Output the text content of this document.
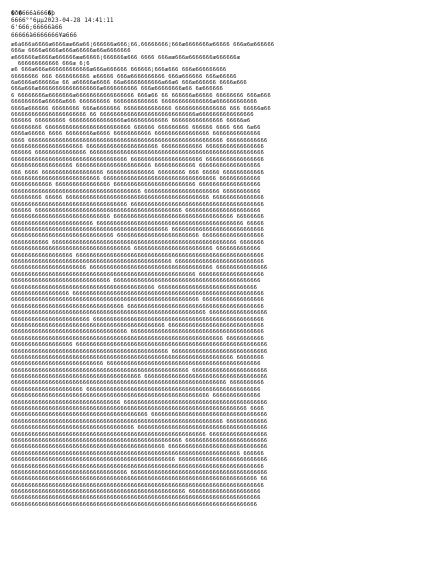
�ð�666à666�þ
6666°°6µµ2023-04-28 14:41:11
6'666;66666à66
66666à6666666¥æ666
æ6à666à6666æ6666ææ66æ66¦666666æ666¦66,66666666¦666æ6666666æ66666 666æ6æ666666
666æ 6666æ6666æ666æ66666æ66æ6666666
æ666666æ6666æ666666ææ66666¦666666æ666 6666 666ææ666æ6666666æ666666æ
666666666666 666æ 6¦6
æ6 666æ666æ666666666666æ666æ666666 666666¦666æ666 666æ666666666
66666666 666 6666666666 æ66666 666æ6666666666 666æ666666 666æ66666
6æ6666æ666666æ 66 æ66666æ6666 66æ66666666666æ66æ6 666æ666666 6666æ666
666æ666æ666666666666666666æ6666666666 666æ66666666æ66 6æ666666
6 66666666æ6666666æ66666666666666666 666æ66 66 666666æ66666 66666666 666æ666
666666666æ66666æ666 666666666 6666666666666 666666666666666æ666666666666
6666æ666666 66666666 666æ6666666 66666666666666 666666666666666 666 66666æ66
6666666666666666666666 66 6666666666666666666666666666æ6666666666666666
666666 666666666 6666666666666666æ666666666666 666666666666666 66666æ6
666666666 6666666666666666666666666 666666 666666666 666666 6666 666 6æ66
6666æ66666 6666 66666666æ6666 66666666666 6666666666666666 66666666666666
6666 666666666666666666666666666666666666666666666666666666666 666666666666
666666666666666666666 666666666666666666666 666666666666 66666666666666666
666666 666666666666666 666666666666666666666666666666666666666666666666666
6666666666666666666666666666666666 666666666666666666666 66666666666666666
666666666666666666 6666666666666666666666 666666666666 666666666666666666
666 6666 666666666666666666 66666666666666 66666666 666 66666 666666666666
66666666666666666666666666 666666666666666666666666666666666 666666666666
666666666666 6666666666666666 666666666666666666666666 666666666666666666
66666666666666666666666666666666666666 6666666666666666666666 66666666666
666666666 66666 666666666666666666666666666666666666666666 666666666666666
6666666666666666666666666666666666 666666666666666666666666666666666666666
666666 6666666666666666666666666666666666666666666 6666666666666666666666
66666666666666666666666666666 66666666666666666666666666666666666 66666666
666666666666666666666666 6666666666666666666666666666666666666666666 66666
6666666666666666666666666666666666666666666666 666666666666666666666666666
666666666666666666666666666666 666666666666666666666666 666666666666666666
66666666666 666666666666666666666666666666666666666666666666666666 6666666
66666666666666666666666666666666666 66666666666666666666666 6666666666666
666666666666666666 6666666666666666666666666666666666666666666666666666666
66666666666666666666666666666666666666666666666 66666666666666666666666666
6666666666666666666666 666666666666666666666666666666666666 666666666666666
666666666666666666666666666666666666666666666666666666 6666666666666666666
66666666666666666666666666666 6666666666666666666666666666666666666666666
666666666666666666666666666666666666666666 66666666666666666666666666666
66666666666666666 66666666666666666666666666666666666666666666666666666666
6666666666666666666666666666666666666666666666666666666 666666666666666666
666666666666666666666666666666666 6666666666666666666666666666666666666666
666666666666666666666666666666666666666666666666666666666 66666666666666666
66666666666666666666666 66666666666666666666666666666666666666666666666666
666666666666666666666666666666666666666666666 6666666666666666666666666666
6666666666666666666666666666666666 666666666666666666666666666666666666666
66666666666666666666666666666666666666666666666666666666666666 66666666666
666666666666666666 66666666666666666666666666666666666666666666666666666666
6666666666666666666666666666666666666666666666 6666666666666666666666666666
66666666666666666666666666666666666666666666666666666666666666666 66666666
666666666666666666666666666 666666666666666666666666666666666666666666666
6666666666666666666666666666666666666666666666666666 6666666666666666666666
66666666666666666666666666666666666666 666666666666666666666666666666666666
666666666666666666666666666666666666666666666666666666666666666 6666666666
666666666666666666666 666666666666666666666666666666666666666666666666666
6666666666666666666666666666666666666666666666666666666666 66666666666666
66666666666666666666666666666666 666666666666666666666666666666666666666666
666666666666666666666666666666666666666666666666666666666666666666666 6666
6666666666666666666666666666666666666666 6666666666666666666666666666666666
66666666666666666666666666666666666666666666666666666666666666 666666666666
666666666666666666666666666666666666 66666666666666666666666666666666666666
666666666666666666666666666666666666666666666666666666666 66666666666666666
66666666666666666666666666666666666666666666666666 666666666666666666666666
666666666666666666666666666666666666666666666 66666666666666666666666666666
6666666666666666666666666666666666666666666666666666666666666666666 666666
666666666666666666666666666666666666666666666666 66666666666666666666666666
66666666666666666666666666666666666666666666666666666666666666666666666666
6666666666666666666666666666666666 6666666666666666666666666666666666666666
666666666666666666666666666666666666666666666666666666666666666666666666 66
66666666666666666666666666666666666666666666666666666666666666666666666666
666666666666666666666666666666666666666666666666666 666666666666666666666
6666666666666666666666666666666666666666666666666666666666666666666666666
666666666666666666666666666666666666666666666666666666666666666666666666
